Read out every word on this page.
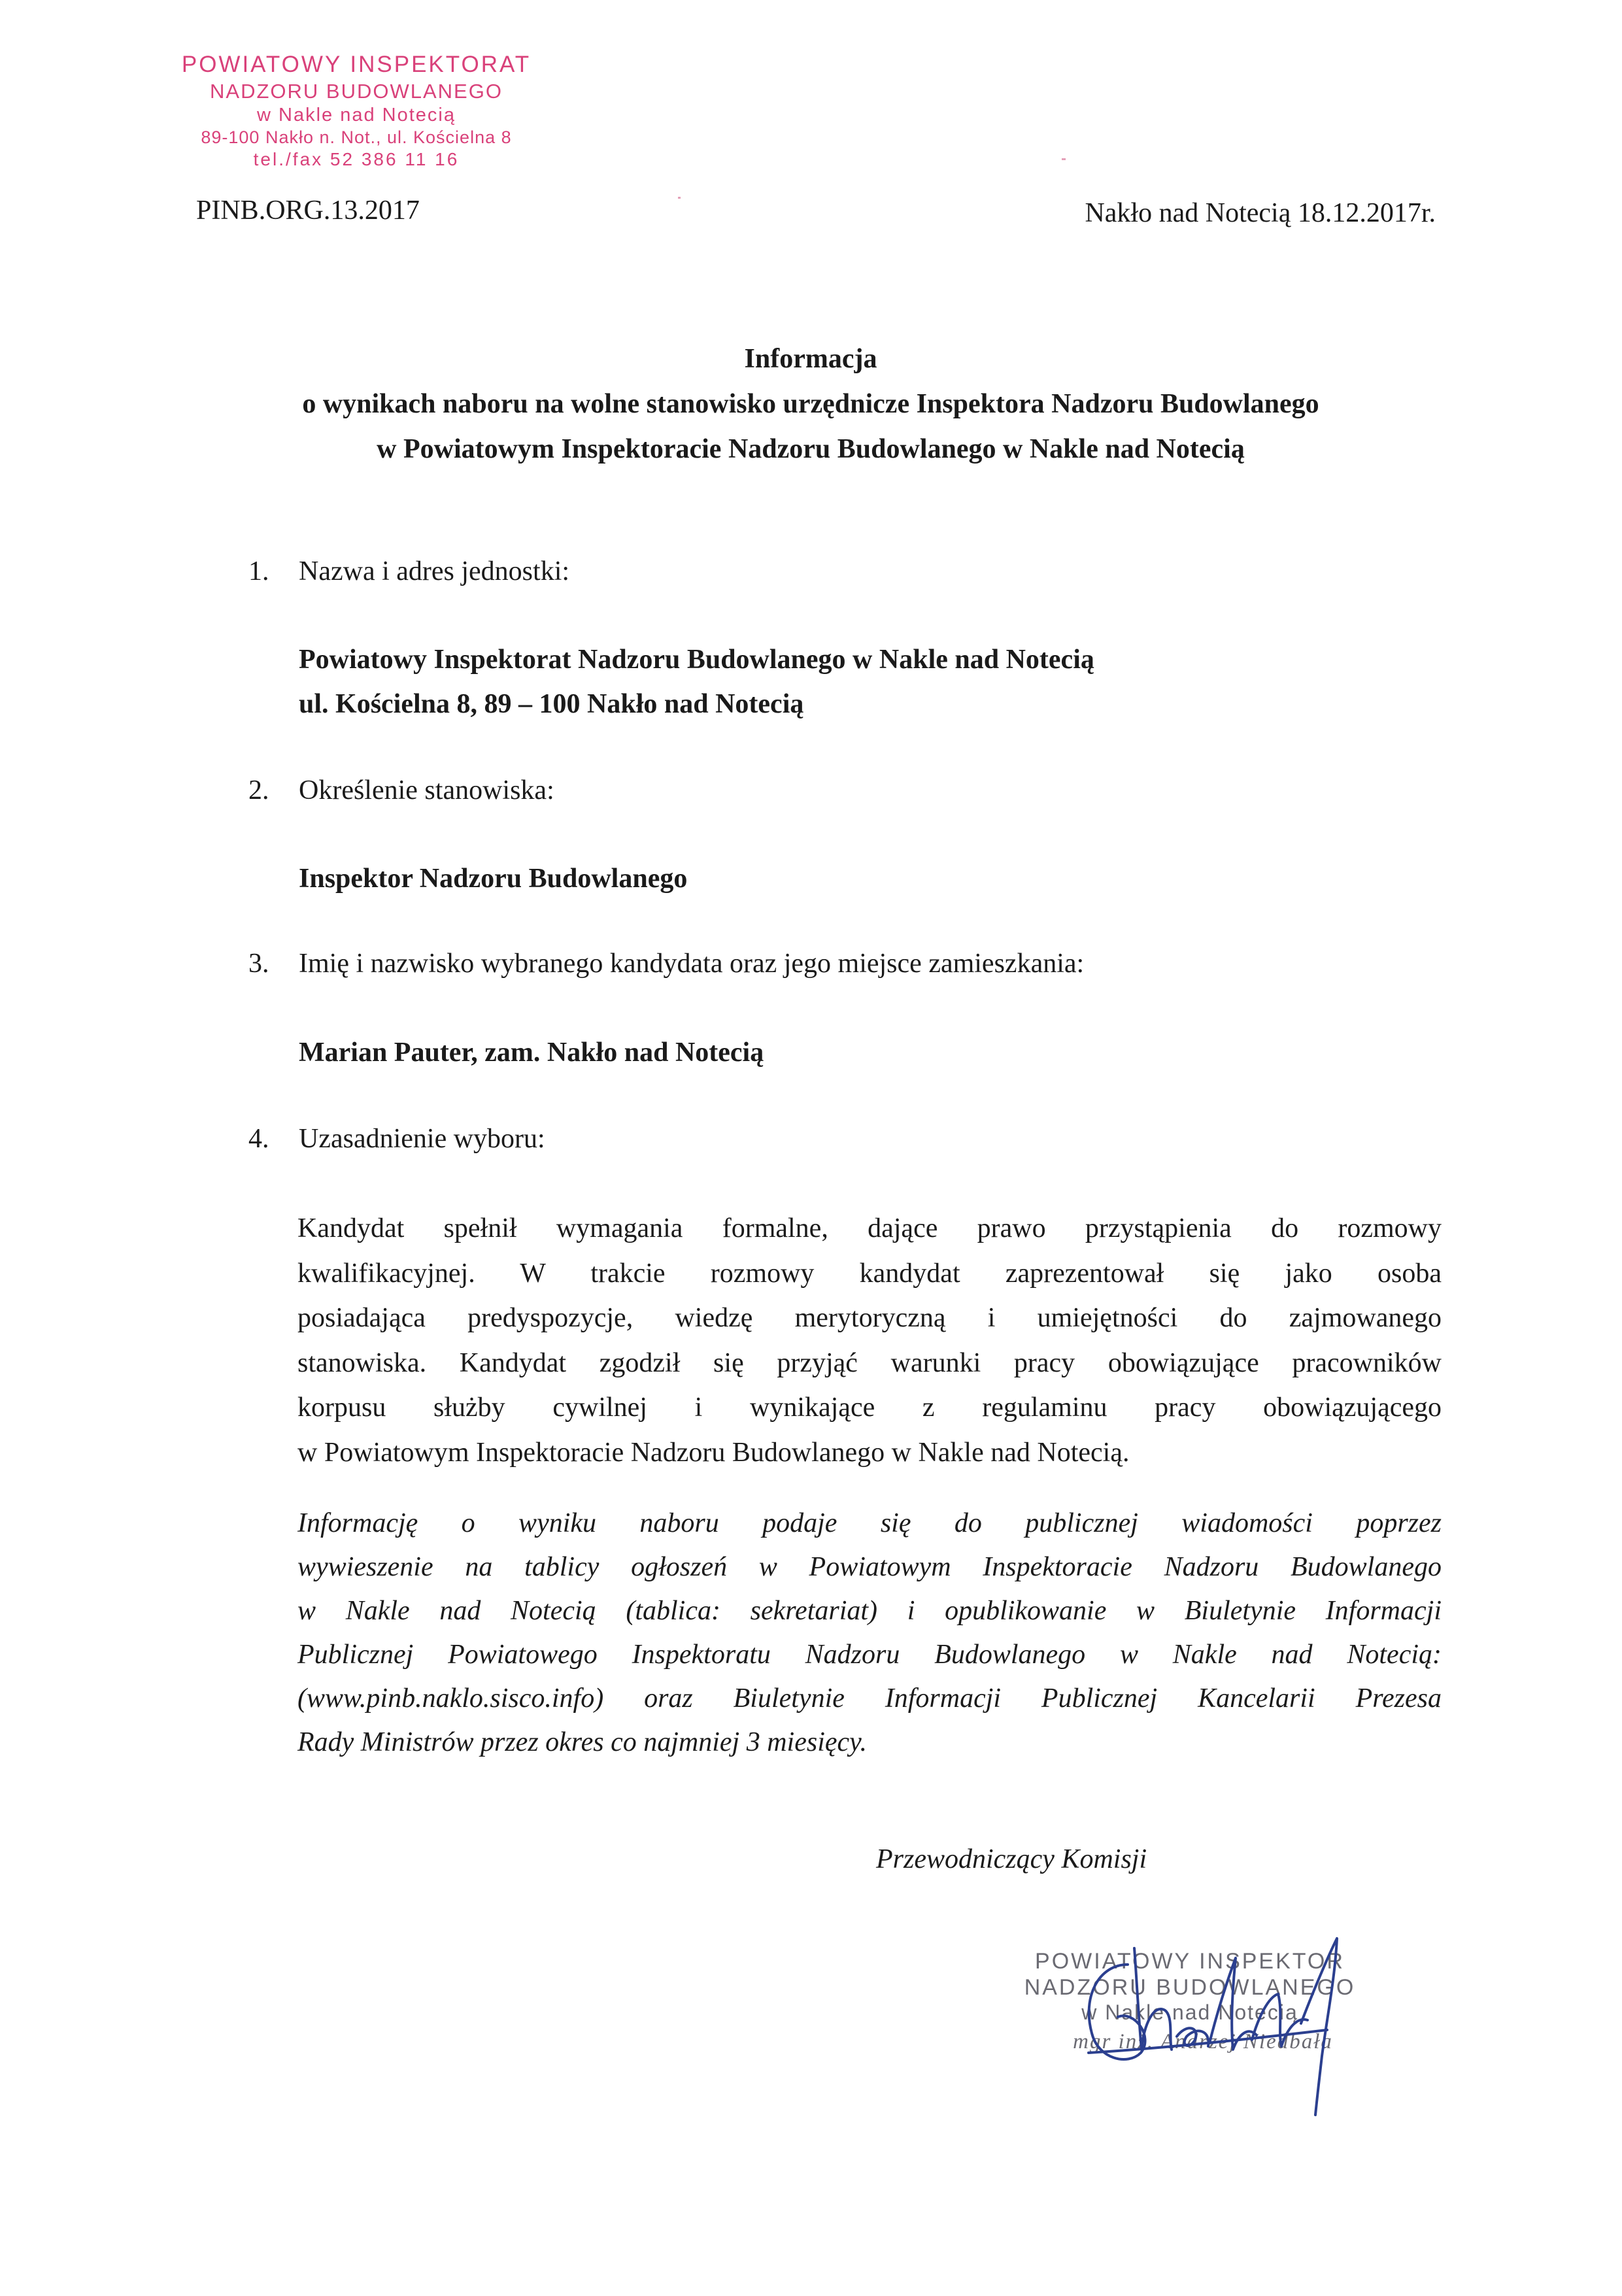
POWIATOWY INSPEKTORAT
NADZORU BUDOWLANEGO
w Nakle nad Notecią
89-100 Nakło n. Not., ul. Kościelna 8
tel./fax 52 386 11 16
PINB.ORG.13.2017	Nakło nad Notecią 18.12.2017r.
Informacja
o wynikach naboru na wolne stanowisko urzędnicze Inspektora Nadzoru Budowlanego
w Powiatowym Inspektoracie Nadzoru Budowlanego w Nakle nad Notecią
1.	Nazwa i adres jednostki:
Powiatowy Inspektorat Nadzoru Budowlanego w Nakle nad Notecią
ul. Kościelna 8, 89 – 100 Nakło nad Notecią
2.	Określenie stanowiska:
Inspektor Nadzoru Budowlanego
3.	Imię i nazwisko wybranego kandydata oraz jego miejsce zamieszkania:
Marian Pauter, zam. Nakło nad Notecią
4.	Uzasadnienie wyboru:
Kandydat spełnił wymagania formalne, dające prawo przystąpienia do rozmowy
kwalifikacyjnej. W trakcie rozmowy kandydat zaprezentował się jako osoba
posiadająca predyspozycje, wiedzę merytoryczną i umiejętności do zajmowanego
stanowiska. Kandydat zgodził się przyjąć warunki pracy obowiązujące pracowników
korpusu służby cywilnej i wynikające z regulaminu pracy obowiązującego
w Powiatowym Inspektoracie Nadzoru Budowlanego w Nakle nad Notecią.
Informację o wyniku naboru podaje się do publicznej wiadomości poprzez
wywieszenie na tablicy ogłoszeń w Powiatowym Inspektoracie Nadzoru Budowlanego
w Nakle nad Notecią (tablica: sekretariat) i opublikowanie w Biuletynie Informacji
Publicznej Powiatowego Inspektoratu Nadzoru Budowlanego w Nakle nad Notecią:
(www.pinb.naklo.sisco.info) oraz Biuletynie Informacji Publicznej Kancelarii Prezesa
Rady Ministrów przez okres co najmniej 3 miesięcy.
Przewodniczący Komisji
POWIATOWY INSPEKTOR
NADZORU BUDOWLANEGO
w Nakle nad Notecią
mgr inż. Andrzej Niedbała
